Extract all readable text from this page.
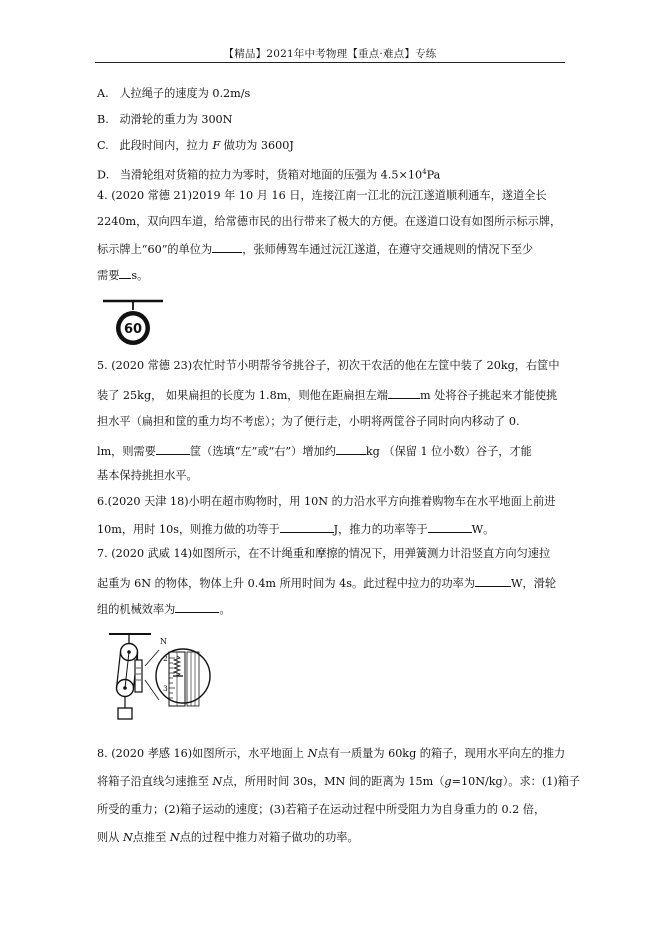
【精品】2021年中考物理【重点·难点】专练
A. 人拉绳子的速度为 0.2m/s
B. 动滑轮的重力为 300N
C. 此段时间内，拉力 F 做功为 3600J
D. 当滑轮组对货箱的拉力为零时，货箱对地面的压强为 $4.5\times 10^4Pa$
4. (2020 常德 21)2019 年 10 月 16 日，连接江南一江北的沅江遂道顺利通车，遂道全长
2240m，双向四车道，给常德市民的出行带来了极大的方便。在遂道口设有如图所示标示牌，
标示牌上“60”的单位为	，张师傅驾车通过沅江遂道，在遵守交通规则的情况下至少
需要 s。
60
5. (2020 常德 23)农忙时节小明帮爷爷挑谷子，初次干农活的他在左筐中装了 20kg，右筐中
装了 25kg， 如果扁担的长度为 1.8m，则他在距扁担左端	m 处将谷子挑起来才能使挑
担水平（扁担和筐的重力均不考虑）；为了便行走，小明将两筐谷子同时向内移动了 0.
lm，则需要	筐（选填“左”或“右”）增加约	kg （保留 1 位小数）谷子，才能
基本保持挑担水平。
6.(2020 天津 18)小明在超市购物时，用 10N 的力沿水平方向推着购物车在水平地面上前进
10m，用时 10s，则推力做的功等于	J，推力的功率等于	W。
7. (2020 武威 14)如图所示，在不计绳重和摩擦的情况下，用弹簧测力计沿竖直方向匀速拉
起重为 6N 的物体，物体上升 0.4m 所用时间为 4s。此过程中拉力的功率为	W，滑轮
组的机械效率为	。
N
2
3
8. (2020 孝感 16)如图所示，水平地面上 N点有一质量为 60kg 的箱子，现用水平向左的推力
将箱子沿直线匀速推至 N点，所用时间 30s，MN 间的距离为 15m（g=10N/kg）。求：(1)箱子
所受的重力；(2)箱子运动的速度；(3)若箱子在运动过程中所受阻力为自身重力的 0.2 倍，
则从 N点推至 N点的过程中推力对箱子做功的功率。
